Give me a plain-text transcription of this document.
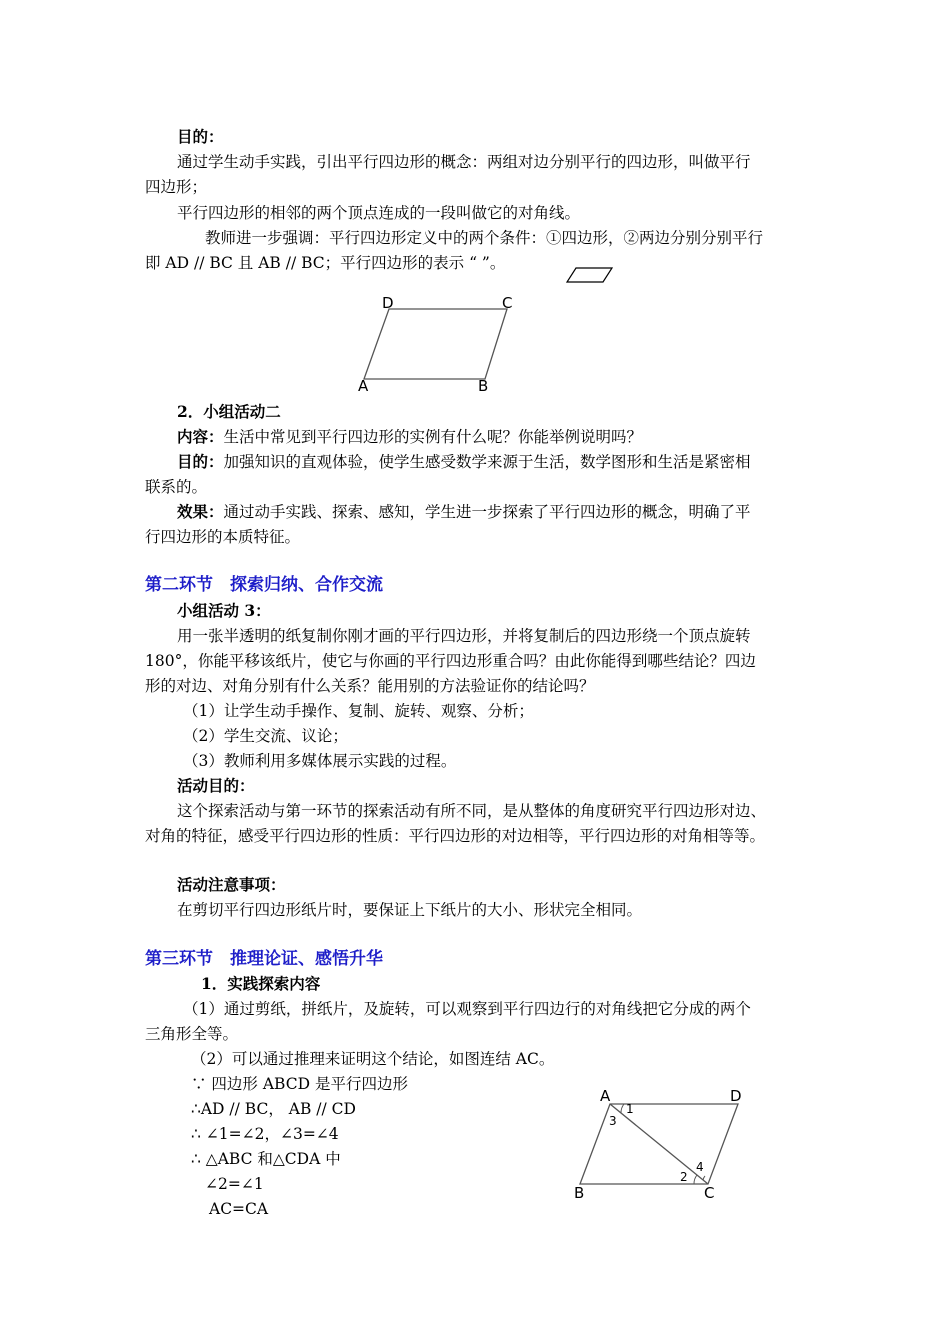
目的：
通过学生动手实践，引出平行四边形的概念：两组对边分别平行的四边形，叫做平行
四边形；
平行四边形的相邻的两个顶点连成的一段叫做它的对角线。
教师进一步强调：平行四边形定义中的两个条件：①四边形，②两边分别分别平行
即 AD // BC 且 AB // BC；平行四边形的表示 “ ”。
D	C
A	B
2．小组活动二
内容：生活中常见到平行四边形的实例有什么呢？你能举例说明吗？
目的：加强知识的直观体验，使学生感受数学来源于生活，数学图形和生活是紧密相
联系的。
效果：通过动手实践、探索、感知，学生进一步探索了平行四边形的概念，明确了平
行四边形的本质特征。
第二环节　探索归纳、合作交流
小组活动 3：
用一张半透明的纸复制你刚才画的平行四边形，并将复制后的四边形绕一个顶点旋转
180°，你能平移该纸片，使它与你画的平行四边形重合吗？由此你能得到哪些结论？四边
形的对边、对角分别有什么关系？能用别的方法验证你的结论吗？
（1）让学生动手操作、复制、旋转、观察、分析；
（2）学生交流、议论；
（3）教师利用多媒体展示实践的过程。
活动目的：
这个探索活动与第一环节的探索活动有所不同，是从整体的角度研究平行四边形对边、
对角的特征，感受平行四边形的性质：平行四边形的对边相等，平行四边形的对角相等等。
活动注意事项：
在剪切平行四边形纸片时，要保证上下纸片的大小、形状完全相同。
第三环节　推理论证、感悟升华
1．实践探索内容
（1）通过剪纸，拼纸片，及旋转，可以观察到平行四边行的对角线把它分成的两个
三角形全等。
（2）可以通过推理来证明这个结论，如图连结 AC。
∵ 四边形 ABCD 是平行四边形
∴AD // BC， AB // CD
∴ ∠1=∠2，∠3=∠4
∴ △ABC 和△CDA 中
∠2=∠1
AC=CA
A	D
B	C
1
2
3
4
